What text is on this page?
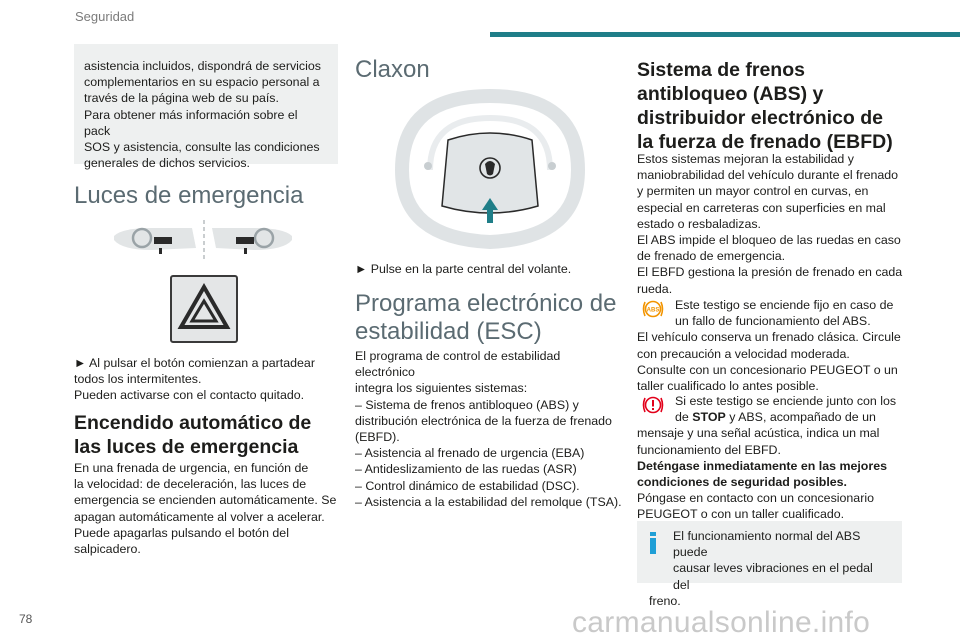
Seguridad

asistencia incluidos, dispondrá de servicios

complementarios en su espacio personal a

través de la página web de su país.

Para obtener más información sobre el pack

SOS y asistencia, consulte las condiciones

generales de dichos servicios.

Luces de emergencia

► Al pulsar el botón comienzan a partadear

todos los intermitentes.

Pueden activarse con el contacto quitado.

Encendido automático de

las luces de emergencia

En una frenada de urgencia, en función de

la velocidad: de deceleración, las luces de

emergencia se encienden automáticamente. Se

apagan automáticamente al volver a acelerar.

Puede apagarlas pulsando el botón del

salpicadero.

Claxon
► Pulse en la parte central del volante.

Programa electrónico de

estabilidad (ESC)

El programa de control de estabilidad electrónico

integra los siguientes sistemas:

– Sistema de frenos antibloqueo (ABS) y

distribución electrónica de la fuerza de frenado

(EBFD).

– Asistencia al frenado de urgencia (EBA)

– Antideslizamiento de las ruedas (ASR)

– Control dinámico de estabilidad (DSC).

– Asistencia a la estabilidad del remolque (TSA).

Sistema de frenos

antibloqueo (ABS) y

distribuidor electrónico de

la fuerza de frenado (EBFD)

Estos sistemas mejoran la estabilidad y

maniobrabilidad del vehículo durante el frenado

y permiten un mayor control en curvas, en

especial en carreteras con superficies en mal

estado o resbaladizas.

El ABS impide el bloqueo de las ruedas en caso

de frenado de emergencia.

El EBFD gestiona la presión de frenado en cada

rueda.

ABS Este testigo se enciende fijo en caso de

un fallo de funcionamiento del ABS.

El vehículo conserva un frenado clásica. Circule

con precaución a velocidad moderada.

Consulte con un concesionario PEUGEOT o un

taller cualificado lo antes posible.

Si este testigo se enciende junto con los

de STOP y ABS, acompañado de un

mensaje y una señal acústica, indica un mal

funcionamiento del EBFD.

Deténgase inmediatamente en las mejores

condiciones de seguridad posibles.

Póngase en contacto con un concesionario

PEUGEOT o con un taller cualificado.

El funcionamiento normal del ABS puede
causar leves vibraciones en el pedal del
freno.
78	carmanualsonline.info
